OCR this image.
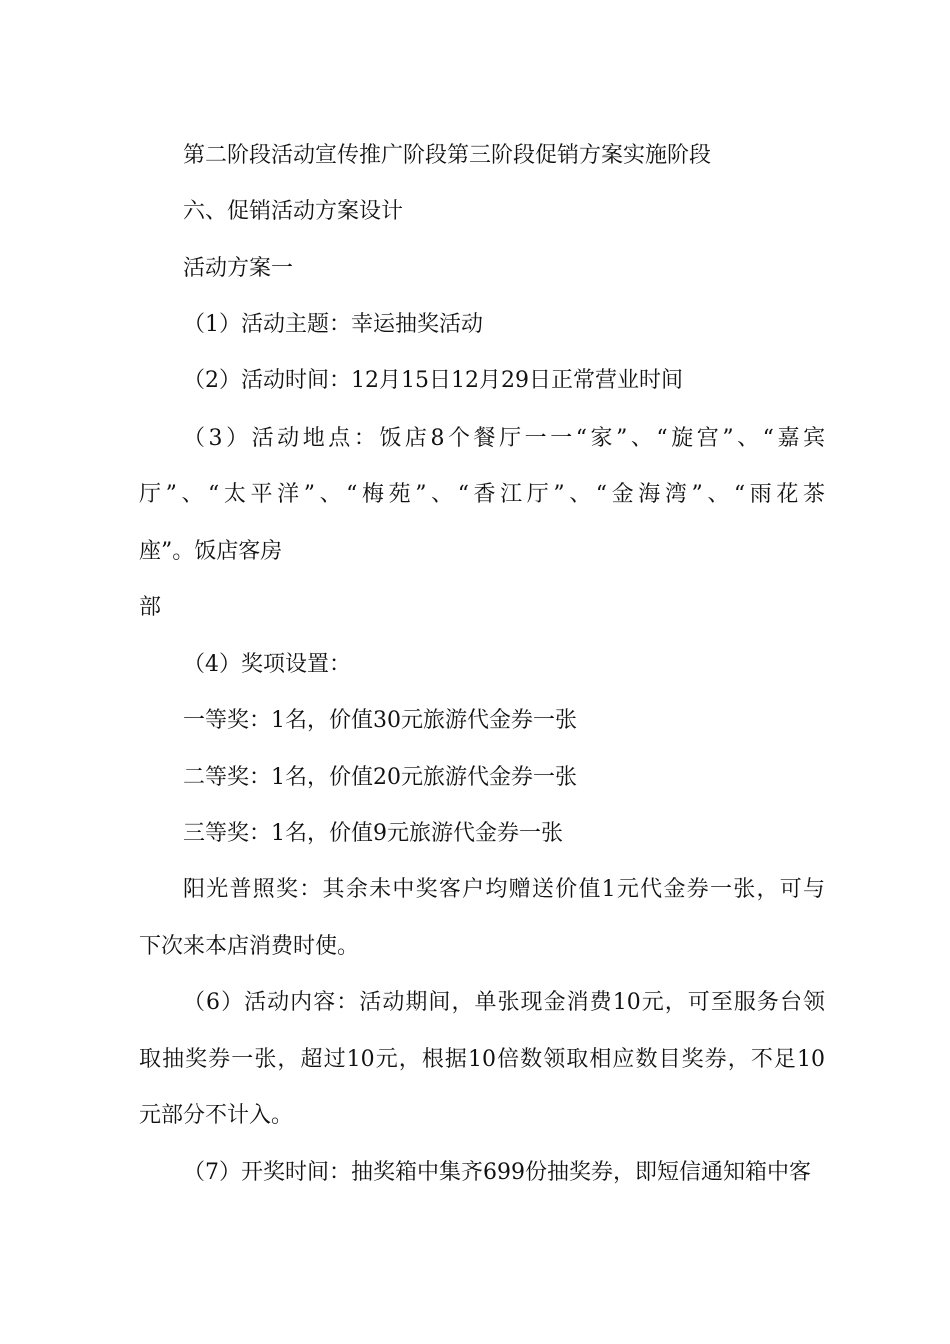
第二阶段活动宣传推广阶段第三阶段促销方案实施阶段
六、促销活动方案设计
活动方案一
（1）活动主题：幸运抽奖活动
（2）活动时间：12月15日12月29日正常营业时间
（3）活动地点：饭店8个餐厅一一“家”、“旋宫”、“嘉宾
厅”、“太平洋”、“梅苑”、“香江厅”、“金海湾”、“雨花茶
座”。饭店客房
部
（4）奖项设置：
一等奖：1名，价值30元旅游代金券一张
二等奖：1名，价值20元旅游代金券一张
三等奖：1名，价值9元旅游代金券一张
阳光普照奖：其余未中奖客户均赠送价值1元代金券一张，可与
下次来本店消费时使。
（6）活动内容：活动期间，单张现金消费10元，可至服务台领
取抽奖券一张，超过10元，根据10倍数领取相应数目奖券，不足10
元部分不计入。
（7）开奖时间：抽奖箱中集齐699份抽奖券，即短信通知箱中客
